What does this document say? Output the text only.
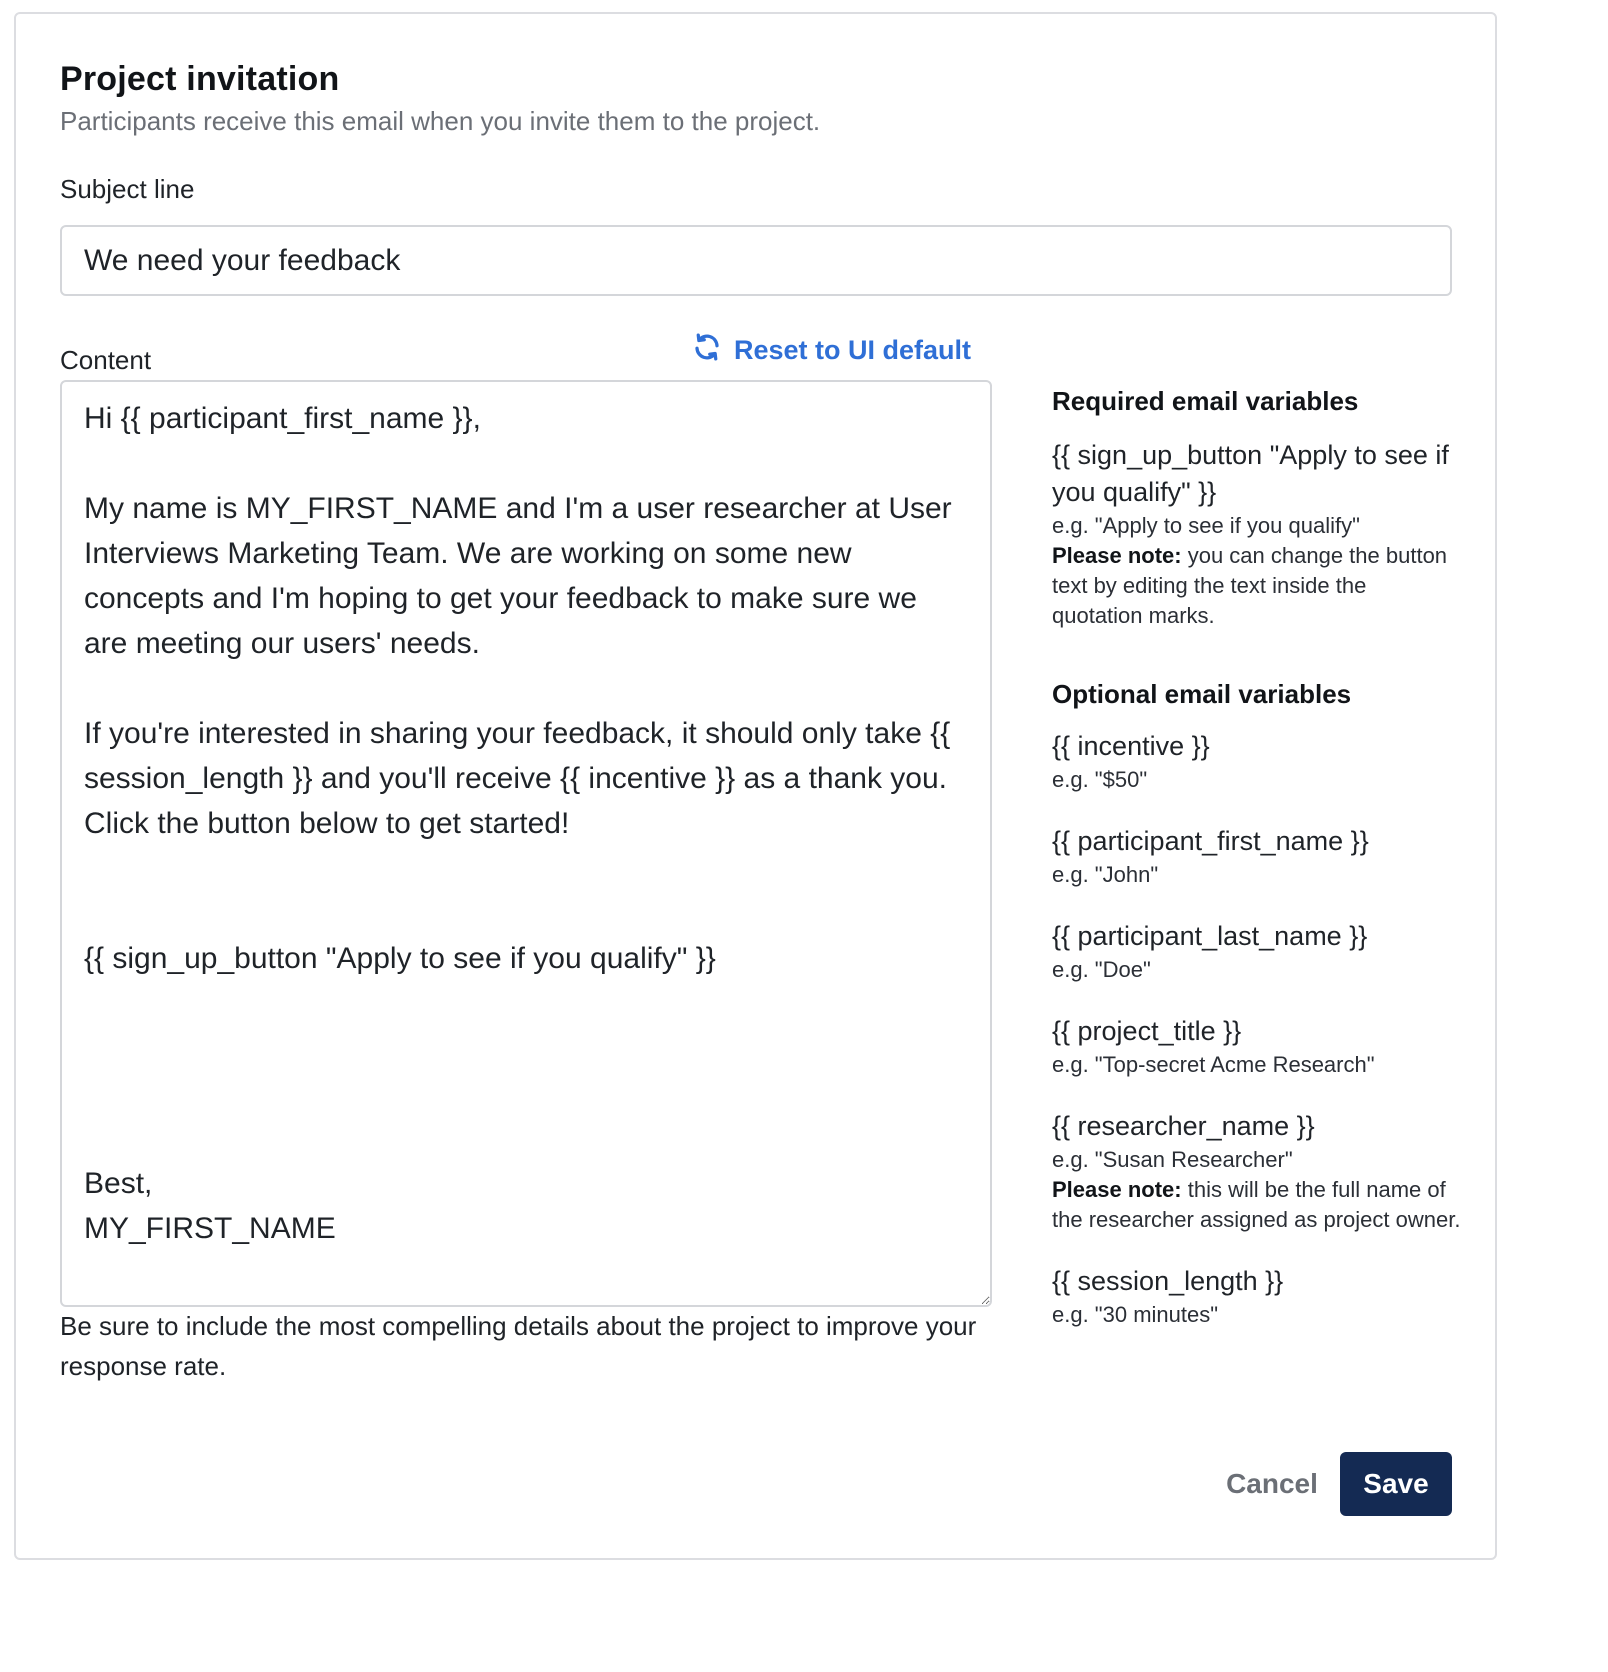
Project invitation

Participants receive this email when you invite them to the project.

Subject line
We need your feedback
Content	Reset to UI default
Hi {{ participant_first_name }}, My name is MY_FIRST_NAME and I'm a user researcher at User Interviews Marketing Team. We are working on some new concepts and I'm hoping to get your feedback to make sure we are meeting our users' needs. If you're interested in sharing your feedback, it should only take {{ session_length }} and you'll receive {{ incentive }} as a thank you. Click the button below to get started! {{ sign_up_button "Apply to see if you qualify" }} Best, MY_FIRST_NAME

Be sure to include the most compelling details about the project to improve your response rate.

Required email variables

{{ sign_up_button "Apply to see if you qualify" }}

e.g. "Apply to see if you qualify"

Please note: you can change the button text by editing the text inside the quotation marks.

Optional email variables

{{ incentive }}

e.g. "$50"

{{ participant_first_name }}

e.g. "John"

{{ participant_last_name }}

e.g. "Doe"

{{ project_title }}

e.g. "Top-secret Acme Research"

{{ researcher_name }}

e.g. "Susan Researcher"

Please note: this will be the full name of the researcher assigned as project owner.

{{ session_length }}

e.g. "30 minutes"

Cancel	Save
